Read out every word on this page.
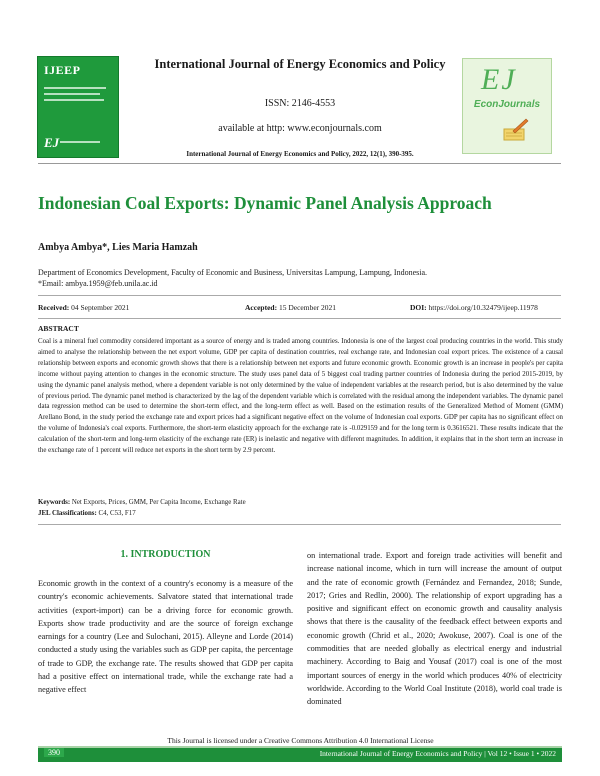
IJEEP
EJ
EJ
EconJournals
International Journal of Energy Economics and Policy
ISSN: 2146-4553
available at http: www.econjournals.com
International Journal of Energy Economics and Policy, 2022, 12(1), 390-395.
Indonesian Coal Exports: Dynamic Panel Analysis Approach
Ambya Ambya*, Lies Maria Hamzah
Department of Economics Development, Faculty of Economic and Business, Universitas Lampung, Lampung, Indonesia.
*Email: ambya.1959@feb.unila.ac.id
Received: 04 September 2021	Accepted: 15 December 2021	DOI: https://doi.org/10.32479/ijeep.11978
ABSTRACT
Coal is a mineral fuel commodity considered important as a source of energy and is traded among countries. Indonesia is one of the largest coal producing countries in the world. This study aimed to analyse the relationship between the net export volume, GDP per capita of destination countries, real exchange rate, and Indonesian coal export prices. The existence of a causal relationship between exports and economic growth shows that there is a relationship between net exports and future economic growth. Economic growth is an increase in people's per capita income without paying attention to changes in the economic structure. The study uses panel data of 5 biggest coal trading partner countries of Indonesia during the period 2015-2019, by using the dynamic panel analysis method, where a dependent variable is not only determined by the value of independent variables at the research period, but is also determined by the value of previous period. The dynamic panel method is characterized by the lag of the dependent variable which is correlated with the residual among the independent variables. The dynamic panel data regression method can be used to determine the short-term effect, and the long-term effect as well. Based on the estimation results of the Generalized Method of Moment (GMM) Arellano Bond, in the study period the exchange rate and export prices had a significant negative effect on the volume of Indonesian coal exports. GDP per capita has no significant effect on the volume of Indonesia's coal exports. Furthermore, the short-term elasticity approach for the exchange rate is -0.029159 and for the long term is 0.3616521. These results indicate that the calculation of the short-term and long-term elasticity of the exchange rate (ER) is inelastic and negative with different magnitudes. In addition, it explains that in the short term an increase in the exchange rate of 1 percent will reduce net exports in the short term by 2.9 percent.
Keywords: Net Exports, Prices, GMM, Per Capita Income, Exchange Rate
JEL Classifications: C4, C53, F17
1. INTRODUCTION
Economic growth in the context of a country's economy is a measure of the country's economic achievements. Salvatore stated that international trade activities (export-import) can be a driving force for economic growth. Exports show trade productivity and are the source of foreign exchange earnings for a country (Lee and Sulochani, 2015). Alleyne and Lorde (2014) conducted a study using the variables such as GDP per capita, the percentage of trade to GDP, the exchange rate. The results showed that GDP per capita had a positive effect on international trade, while the exchange rate had a negative effect
on international trade. Export and foreign trade activities will benefit and increase national income, which in turn will increase the amount of output and the rate of economic growth (Fernández and Fernandez, 2018; Sunde, 2017; Gries and Redlin, 2000). The relationship of export upgrading has a positive and significant effect on economic growth and causality analysis shows that there is the causality of the feedback effect between exports and economic growth (Chrid et al., 2020; Awokuse, 2007). Coal is one of the commodities that are needed globally as electrical energy and industrial machinery. According to Baig and Yousaf (2017) coal is one of the most important sources of energy in the world which produces 40% of electricity worldwide. According to the World Coal Institute (2018), world coal trade is dominated
This Journal is licensed under a Creative Commons Attribution 4.0 International License
390	International Journal of Energy Economics and Policy | Vol 12 • Issue 1 • 2022
